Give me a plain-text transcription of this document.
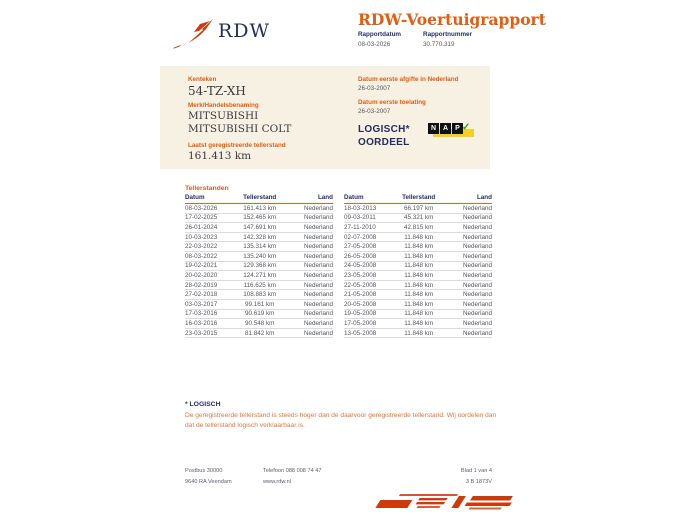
RDW
RDW-Voertuigrapport
Rapportdatum
08-03-2026
Rapportnummer
30.770.319
Kenteken
54-TZ-XH
Merk/Handelsbenaming
MITSUBISHI
MITSUBISHI COLT
Laatst geregistreerde tellerstand
161.413 km
Datum eerste afgifte in Nederland
26-03-2007
Datum eerste toelating
26-03-2007
LOGISCH*
OORDEEL
N A	P ✓
Tellerstanden
Datum	Tellerstand	Land
08-03-2026	161.413 km	Nederland
17-02-2025	152.465 km	Nederland
26-01-2024	147.691 km	Nederland
10-03-2023	142.328 km	Nederland
22-03-2022	135.314 km	Nederland
08-03-2022	135.240 km	Nederland
19-02-2021	129.368 km	Nederland
20-02-2020	124.271 km	Nederland
28-02-2019	116.625 km	Nederland
27-02-2018	108.883 km	Nederland
03-03-2017	99.161 km	Nederland
17-03-2016	90.619 km	Nederland
16-03-2016	90.548 km	Nederland
23-03-2015	81.842 km	Nederland
Datum	Tellerstand	Land
18-03-2013	66.197 km	Nederland
09-03-2011	45.321 km	Nederland
27-11-2010	42.815 km	Nederland
02-07-2008	11.848 km	Nederland
27-05-2008	11.848 km	Nederland
26-05-2008	11.848 km	Nederland
24-05-2008	11.848 km	Nederland
23-05-2008	11.848 km	Nederland
22-05-2008	11.848 km	Nederland
21-05-2008	11.848 km	Nederland
20-05-2008	11.848 km	Nederland
19-05-2008	11.848 km	Nederland
17-05-2008	11.848 km	Nederland
13-05-2008	11.848 km	Nederland
* LOGISCH
De geregistreerde tellerstand is steeds hoger dan de daarvoor geregistreerde tellerstand. Wij oordelen dan dat de tellerstand logisch verklaarbaar is.
Postbus 30000
9640 RA Veendam
Telefoon 088 008 74 47
www.rdw.nl
Blad 1 van 4
3 B 1873V
